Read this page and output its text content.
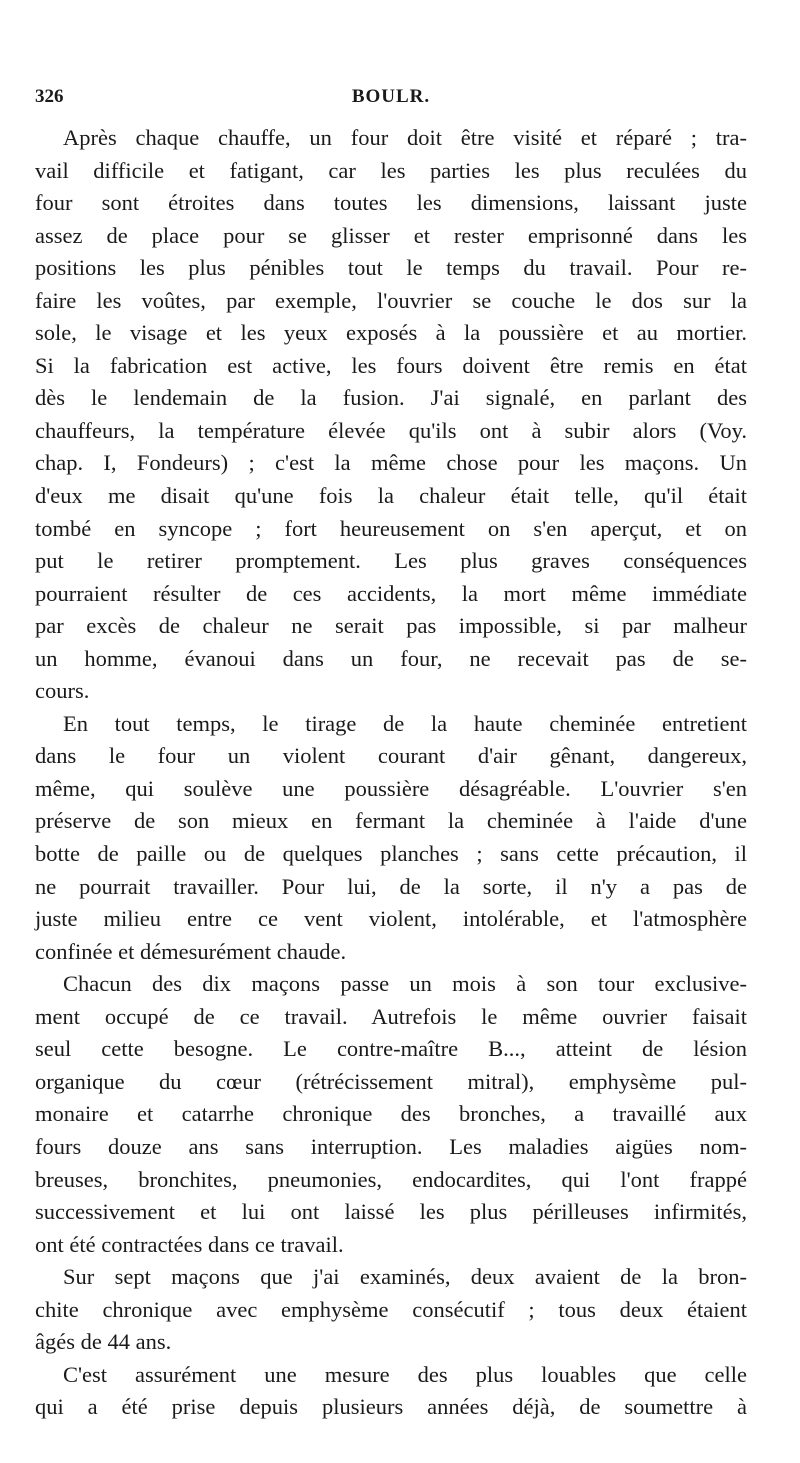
326	BOULR.
Après chaque chauffe, un four doit être visité et réparé ; tra-
vail difficile et fatigant, car les parties les plus reculées du
four sont étroites dans toutes les dimensions, laissant juste
assez de place pour se glisser et rester emprisonné dans les
positions les plus pénibles tout le temps du travail. Pour re-
faire les voûtes, par exemple, l'ouvrier se couche le dos sur la
sole, le visage et les yeux exposés à la poussière et au mortier.
Si la fabrication est active, les fours doivent être remis en état
dès le lendemain de la fusion. J'ai signalé, en parlant des
chauffeurs, la température élevée qu'ils ont à subir alors (Voy.
chap. I, Fondeurs) ; c'est la même chose pour les maçons. Un
d'eux me disait qu'une fois la chaleur était telle, qu'il était
tombé en syncope ; fort heureusement on s'en aperçut, et on
put le retirer promptement. Les plus graves conséquences
pourraient résulter de ces accidents, la mort même immédiate
par excès de chaleur ne serait pas impossible, si par malheur
un homme, évanoui dans un four, ne recevait pas de se-
cours.
En tout temps, le tirage de la haute cheminée entretient
dans le four un violent courant d'air gênant, dangereux,
même, qui soulève une poussière désagréable. L'ouvrier s'en
préserve de son mieux en fermant la cheminée à l'aide d'une
botte de paille ou de quelques planches ; sans cette précaution, il
ne pourrait travailler. Pour lui, de la sorte, il n'y a pas de
juste milieu entre ce vent violent, intolérable, et l'atmosphère
confinée et démesurément chaude.
Chacun des dix maçons passe un mois à son tour exclusive-
ment occupé de ce travail. Autrefois le même ouvrier faisait
seul cette besogne. Le contre-maître B..., atteint de lésion
organique du cœur (rétrécissement mitral), emphysème pul-
monaire et catarrhe chronique des bronches, a travaillé aux
fours douze ans sans interruption. Les maladies aigües nom-
breuses, bronchites, pneumonies, endocardites, qui l'ont frappé
successivement et lui ont laissé les plus périlleuses infirmités,
ont été contractées dans ce travail.
Sur sept maçons que j'ai examinés, deux avaient de la bron-
chite chronique avec emphysème consécutif ; tous deux étaient
âgés de 44 ans.
C'est assurément une mesure des plus louables que celle
qui a été prise depuis plusieurs années déjà, de soumettre à
